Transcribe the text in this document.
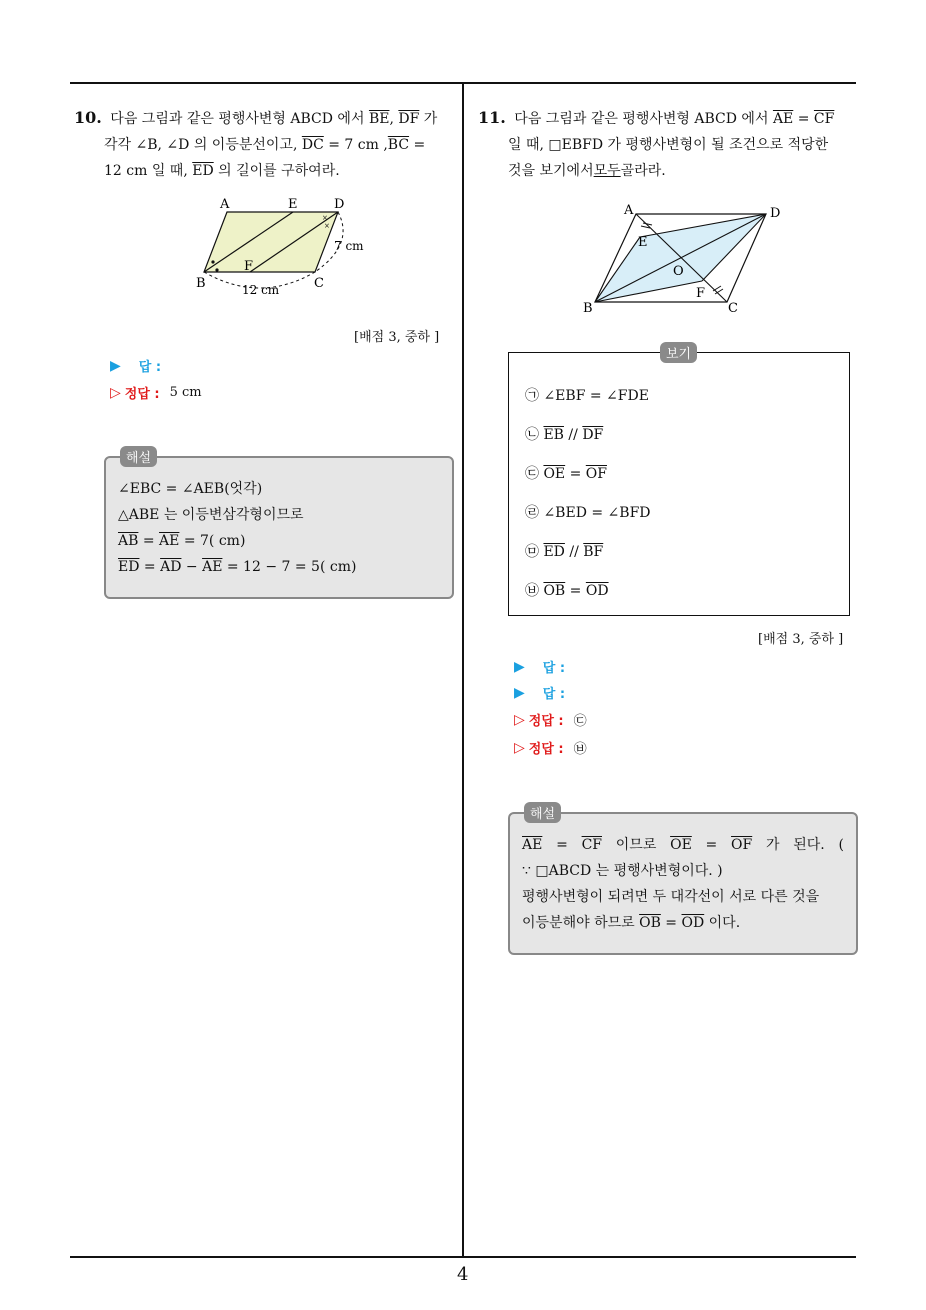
10. 다음 그림과 같은 평행사변형 ABCD 에서 $\overline{BE}$, $\overline{DF}$ 가
각각 ∠B, ∠D 의 이등분선이고, $\overline{DC} = 7$ cm $,\overline{BC}$ =
12 cm 일 때, $\overline{ED}$ 의 길이를 구하여라.
×
×
A	E	D
B
F
C
7 cm
12 cm
[배점 3, 중하 ]
▶ 답 :
▷ 정답 : 5 cm
∠EBC = ∠AEB(엇각)
△ABE 는 이등변삼각형이므로
$\overline{AB} = \overline{AE} = 7$( cm)
$\overline{ED} = \overline{AD} - \overline{AE} = 12 - 7 = 5$( cm)
해설
11. 다음 그림과 같은 평행사변형 ABCD 에서 $\overline{AE} = \overline{CF}$
일 때, □EBFD 가 평행사변형이 될 조건으로 적당한
것을 보기에서모두골라라.
A	D
E
O
B
F
C
㉠ ∠EBF = ∠FDE
㉡ $\overline{EB} // \overline{DF}$
㉢ $\overline{OE} = \overline{OF}$
㉣ ∠BED = ∠BFD
㉤ $\overline{ED} // \overline{BF}$
㉥ $\overline{OB} = \overline{OD}$
보기
[배점 3, 중하 ]
▶ 답 :
▶ 답 :
▷ 정답 : ㉢
▷ 정답 : ㉥
$\overline{AE} = \overline{CF}$ 이므로 $\overline{OE} = \overline{OF}$ 가 된다. (
∵ □ABCD 는 평행사변형이다. )
평행사변형이 되려면 두 대각선이 서로 다른 것을
이등분해야 하므로 $\overline{OB} = \overline{OD}$ 이다.
해설
4
